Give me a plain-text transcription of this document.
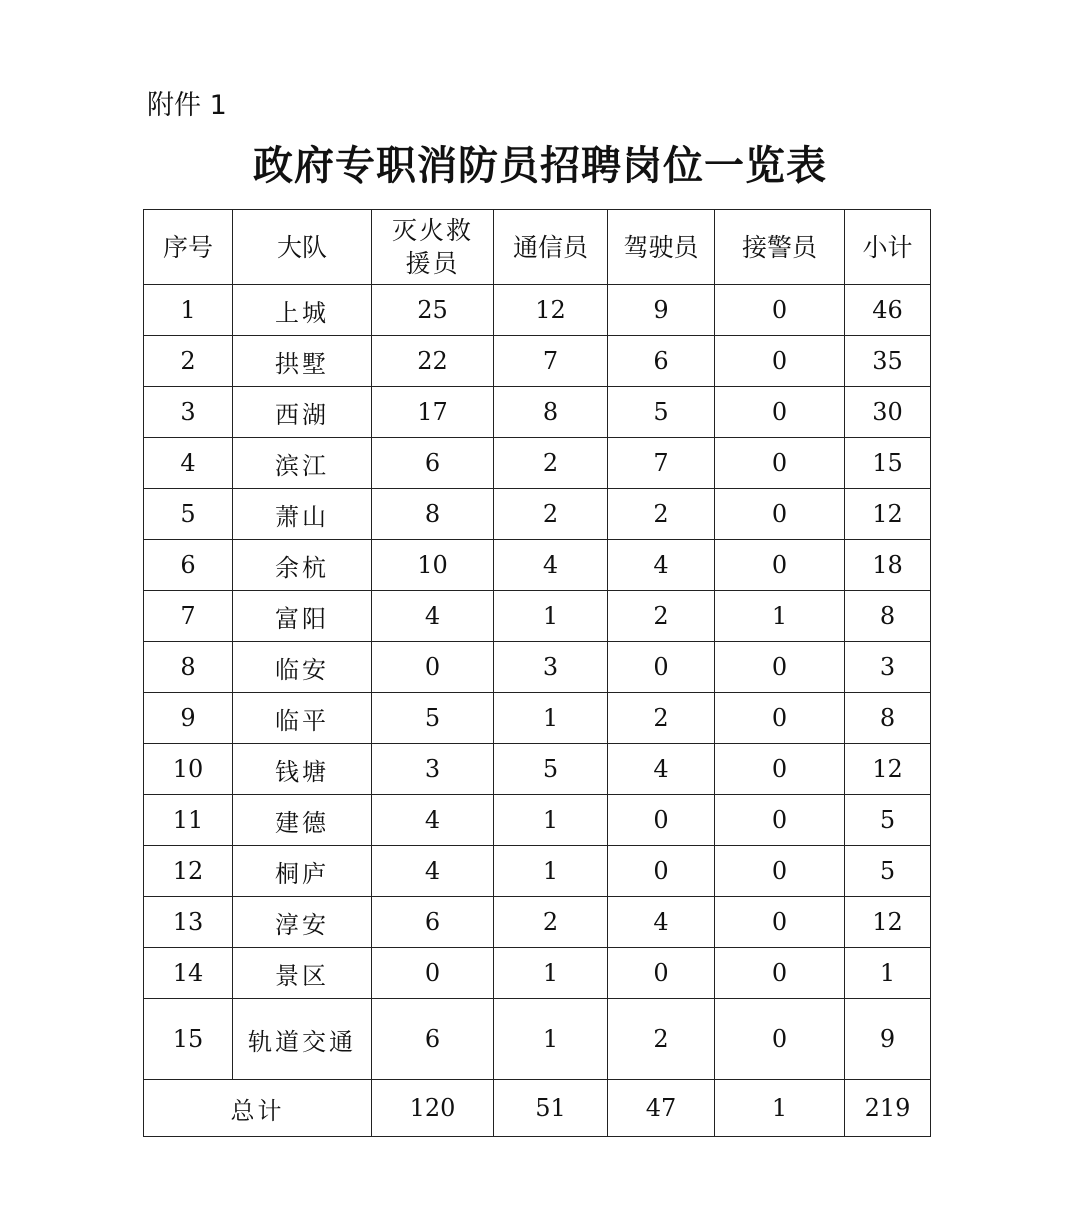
附件 1
政府专职消防员招聘岗位一览表
序号	大队	灭火救援员	通信员	驾驶员	接警员	小计
1	上城	25	12	9	0	46
2	拱墅	22	7	6	0	35
3	西湖	17	8	5	0	30
4	滨江	6	2	7	0	15
5	萧山	8	2	2	0	12
6	余杭	10	4	4	0	18
7	富阳	4	1	2	1	8
8	临安	0	3	0	0	3
9	临平	5	1	2	0	8
10	钱塘	3	5	4	0	12
11	建德	4	1	0	0	5
12	桐庐	4	1	0	0	5
13	淳安	6	2	4	0	12
14	景区	0	1	0	0	1
15	轨道交通	6	1	2	0	9
总计		120	51	47	1	219
